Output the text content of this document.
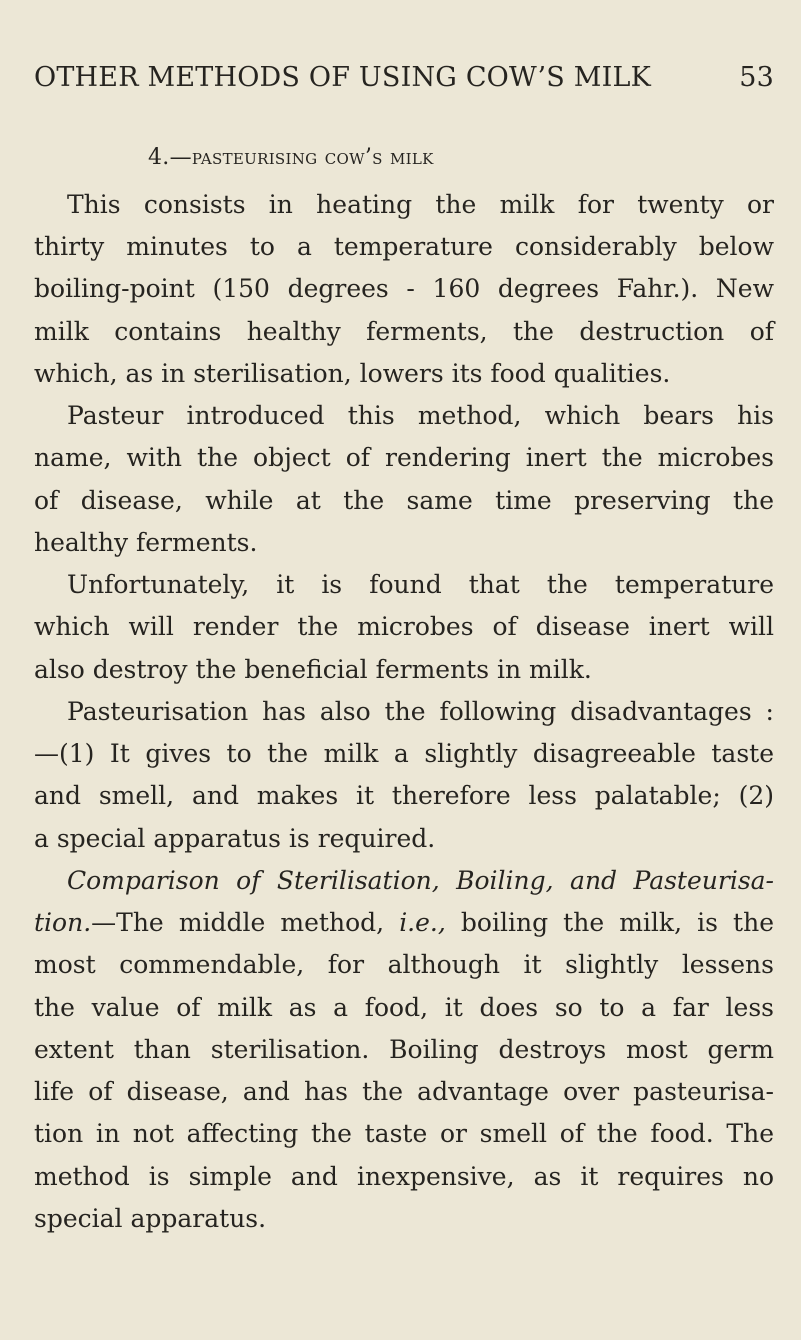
OTHER METHODS OF USING COW’S MILK	53
4.—pasteurising cow’s milk
This consists in heating the milk for twenty or
thirty minutes to a temperature considerably below
boiling-point (150 degrees - 160 degrees Fahr.). New
milk contains healthy ferments, the destruction of
which, as in sterilisation, lowers its food qualities.
Pasteur introduced this method, which bears his
name, with the object of rendering inert the microbes
of disease, while at the same time preserving the
healthy ferments.
Unfortunately, it is found that the temperature
which will render the microbes of disease inert will
also destroy the beneficial ferments in milk.
Pasteurisation has also the following disadvantages :
—(1) It gives to the milk a slightly disagreeable taste
and smell, and makes it therefore less palatable; (2)
a special apparatus is required.
Comparison of Sterilisation, Boiling, and Pasteurisa-
tion.—The middle method, i.e., boiling the milk, is the
most commendable, for although it slightly lessens
the value of milk as a food, it does so to a far less
extent than sterilisation. Boiling destroys most germ
life of disease, and has the advantage over pasteurisa-
tion in not affecting the taste or smell of the food. The
method is simple and inexpensive, as it requires no
special apparatus.
